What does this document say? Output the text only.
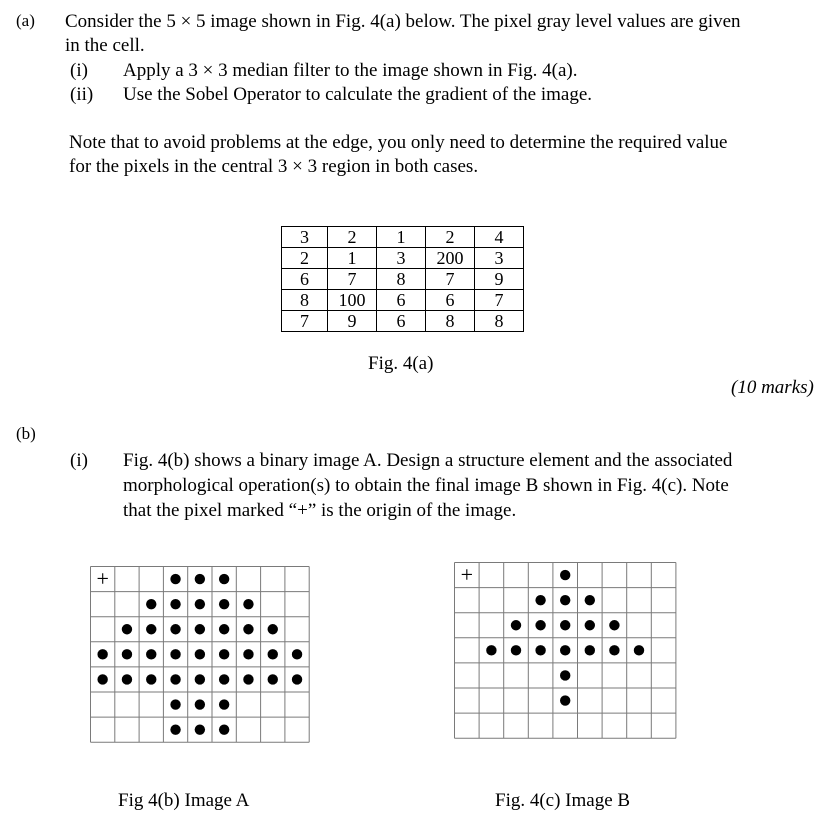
(a) Consider the 5 × 5 image shown in Fig. 4(a) below. The pixel gray level values are given
in the cell.
(i) Apply a 3 × 3 median filter to the image shown in Fig. 4(a).
(ii) Use the Sobel Operator to calculate the gradient of the image.
Note that to avoid problems at the edge, you only need to determine the required value
for the pixels in the central 3 × 3 region in both cases.
3	2	1	2	4
2	1	3	200	3
6	7	8	7	9
8	100	6	6	7
7	9	6	8	8
Fig. 4(a)
(10 marks)
(b)
(i) Fig. 4(b) shows a binary image A. Design a structure element and the associated
morphological operation(s) to obtain the final image B shown in Fig. 4(c). Note
that the pixel marked “+” is the origin of the image.
+	+
Fig 4(b) Image A	Fig. 4(c) Image B
